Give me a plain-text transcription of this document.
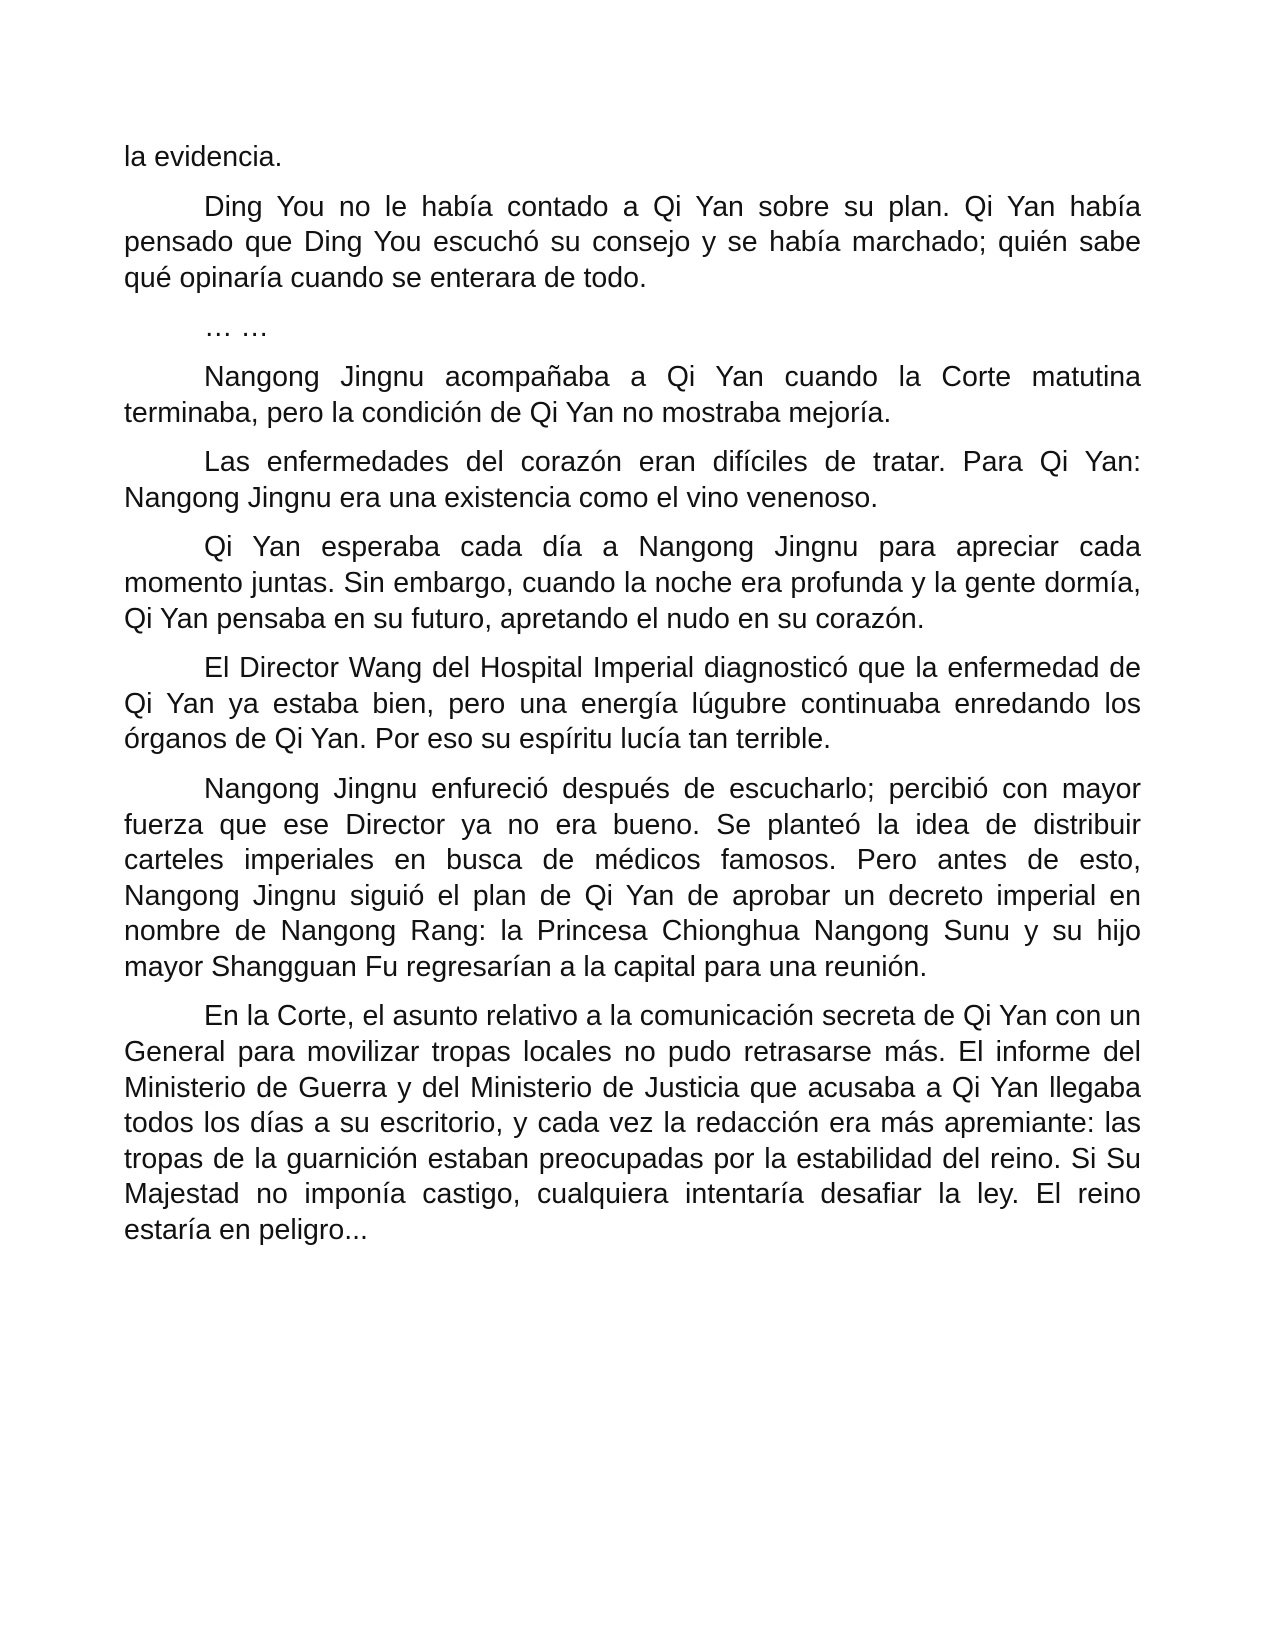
la evidencia.

Ding You no le había contado a Qi Yan sobre su plan. Qi Yan había pensado que Ding You escuchó su consejo y se había marchado; quién sabe qué opinaría cuando se enterara de todo.

… …

Nangong Jingnu acompañaba a Qi Yan cuando la Corte matutina terminaba, pero la condición de Qi Yan no mostraba mejoría.

Las enfermedades del corazón eran difíciles de tratar. Para Qi Yan: Nangong Jingnu era una existencia como el vino venenoso.

Qi Yan esperaba cada día a Nangong Jingnu para apreciar cada momento juntas. Sin embargo, cuando la noche era profunda y la gente dormía, Qi Yan pensaba en su futuro, apretando el nudo en su corazón.

El Director Wang del Hospital Imperial diagnosticó que la enfermedad de Qi Yan ya estaba bien, pero una energía lúgubre continuaba enredando los órganos de Qi Yan. Por eso su espíritu lucía tan terrible.

Nangong Jingnu enfureció después de escucharlo; percibió con mayor fuerza que ese Director ya no era bueno. Se planteó la idea de distribuir carteles imperiales en busca de médicos famosos. Pero antes de esto, Nangong Jingnu siguió el plan de Qi Yan de aprobar un decreto imperial en nombre de Nangong Rang: la Princesa Chionghua Nangong Sunu y su hijo mayor Shangguan Fu regresarían a la capital para una reunión.

En la Corte, el asunto relativo a la comunicación secreta de Qi Yan con un General para movilizar tropas locales no pudo retrasarse más. El informe del Ministerio de Guerra y del Ministerio de Justicia que acusaba a Qi Yan llegaba todos los días a su escritorio, y cada vez la redacción era más apremiante: las tropas de la guarnición estaban preocupadas por la estabilidad del reino. Si Su Majestad no imponía castigo, cualquiera intentaría desafiar la ley. El reino estaría en peligro...
